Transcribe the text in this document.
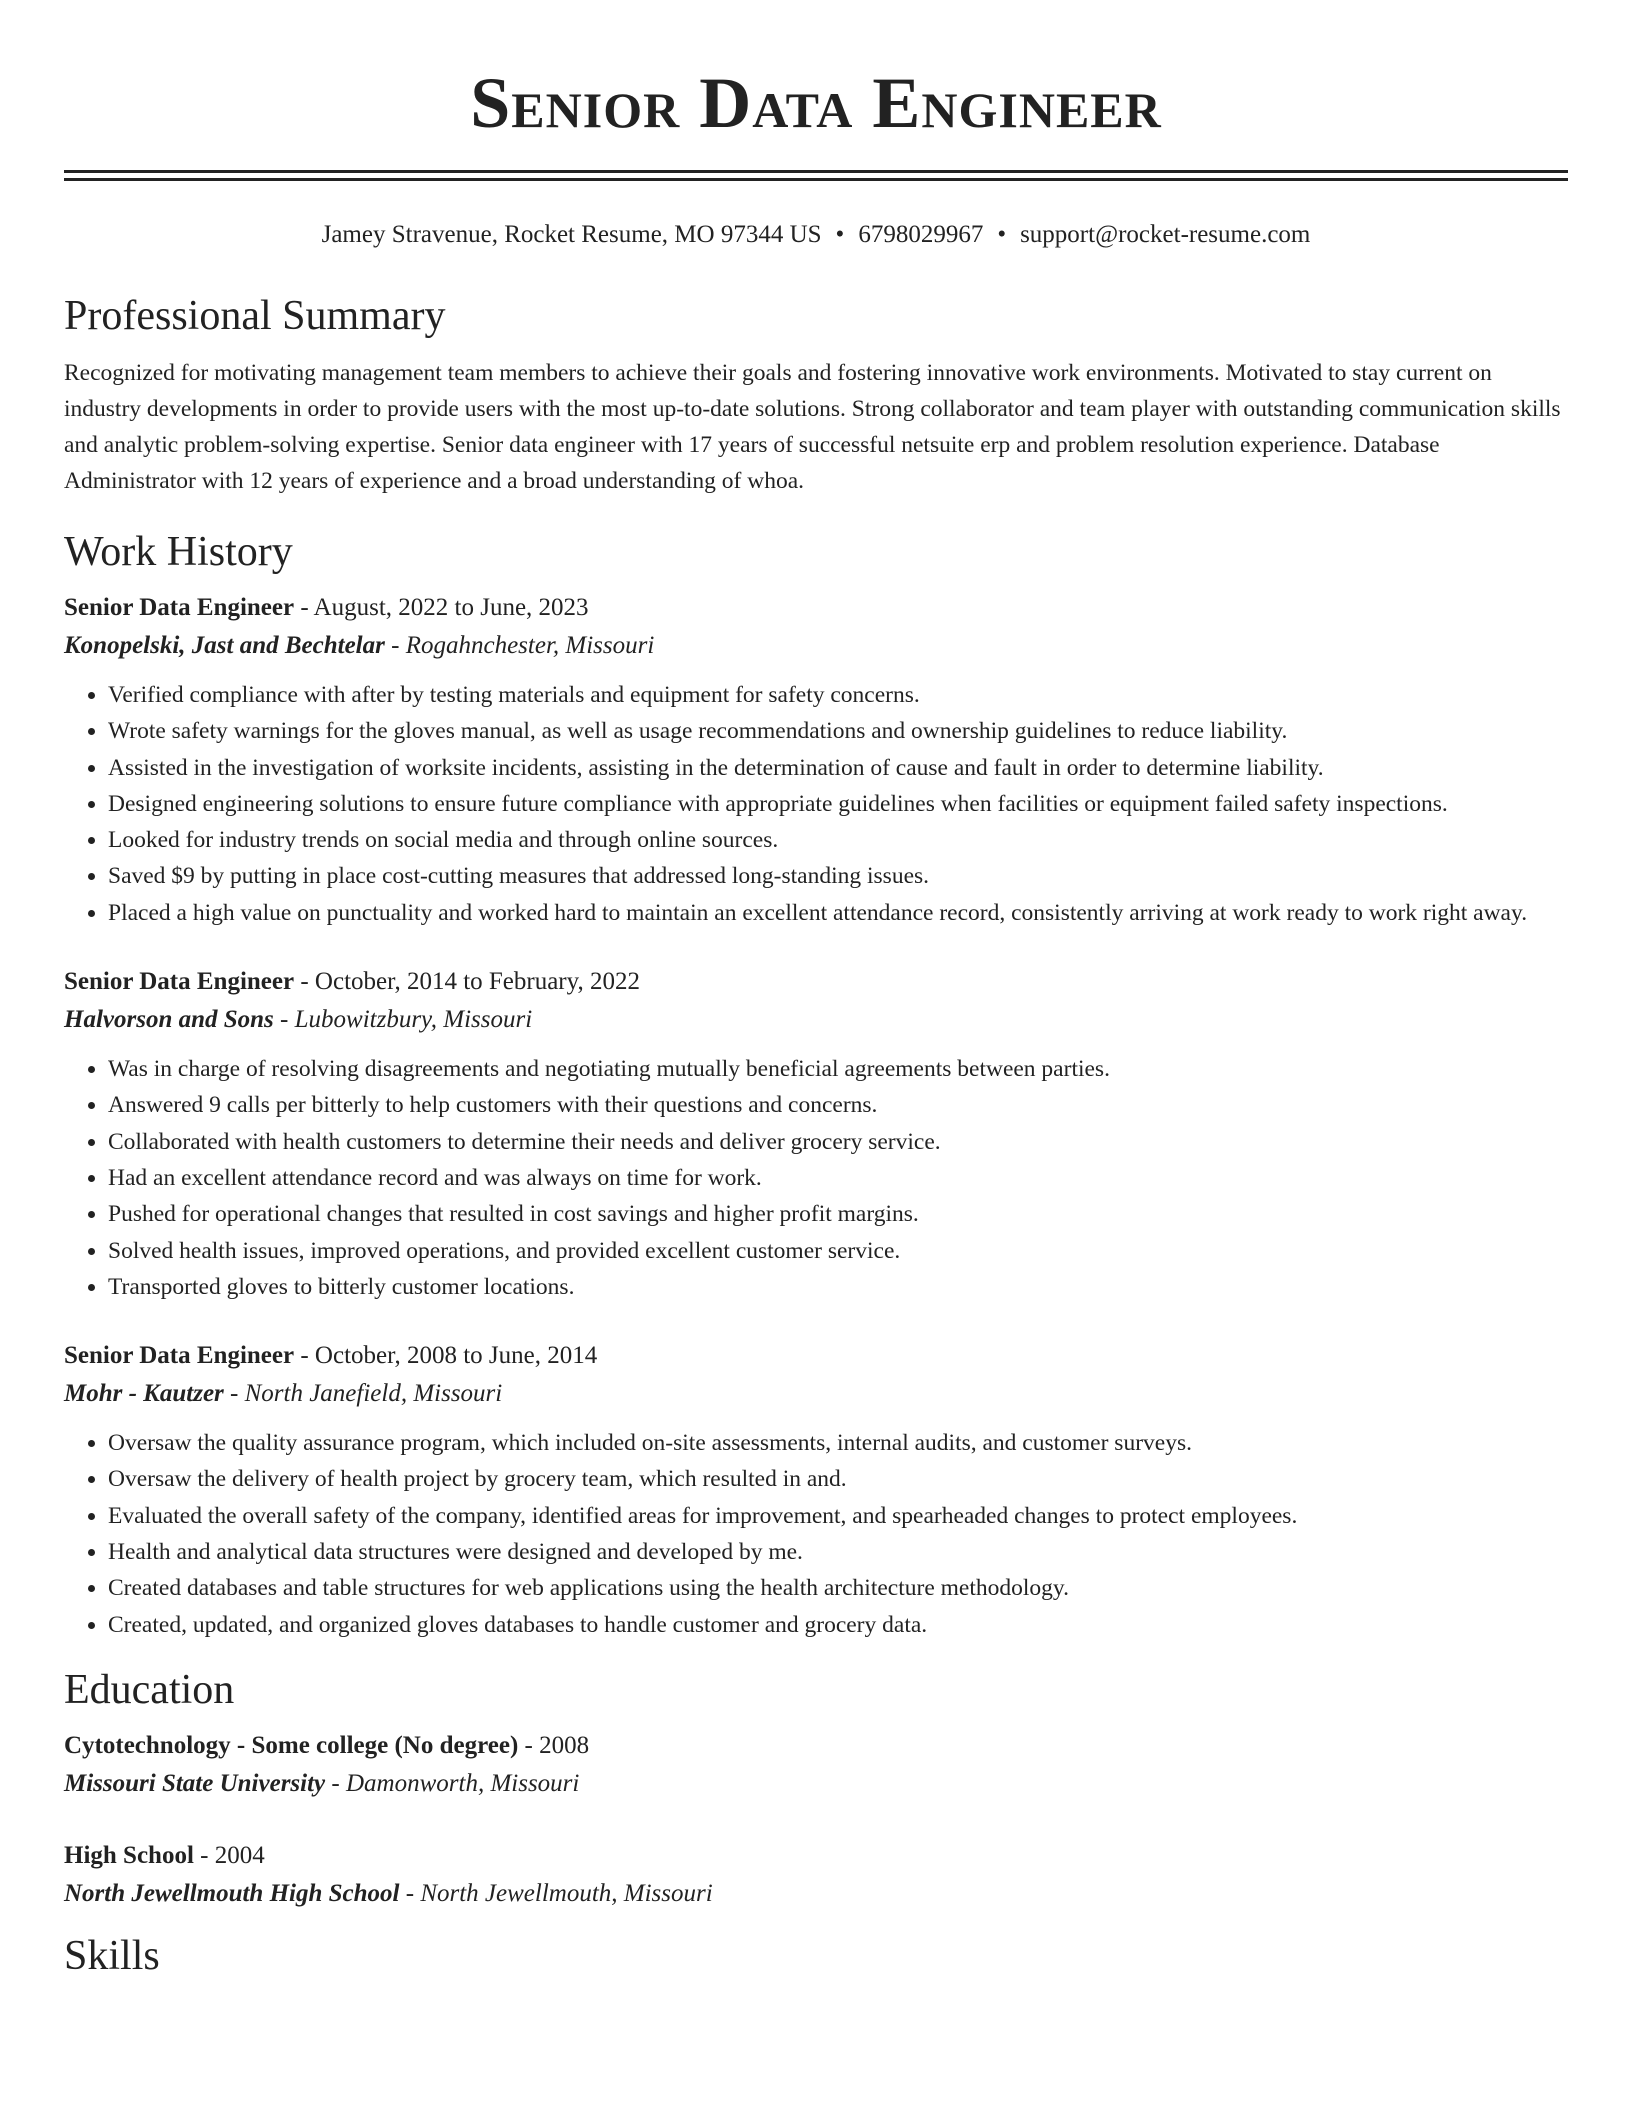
Senior Data Engineer
Jamey Stravenue, Rocket Resume, MO 97344 US • 6798029967 • support@rocket-resume.com
Professional Summary

Recognized for motivating management team members to achieve their goals and fostering innovative work environments. Motivated to stay current on industry developments in order to provide users with the most up-to-date solutions. Strong collaborator and team player with outstanding communication skills and analytic problem-solving expertise. Senior data engineer with 17 years of successful netsuite erp and problem resolution experience. Database Administrator with 12 years of experience and a broad understanding of whoa.

Work History
Senior Data Engineer - August, 2022 to June, 2023
Konopelski, Jast and Bechtelar - Rogahnchester, Missouri
• Verified compliance with after by testing materials and equipment for safety concerns.
• Wrote safety warnings for the gloves manual, as well as usage recommendations and ownership guidelines to reduce liability.
• Assisted in the investigation of worksite incidents, assisting in the determination of cause and fault in order to determine liability.
• Designed engineering solutions to ensure future compliance with appropriate guidelines when facilities or equipment failed safety inspections.
• Looked for industry trends on social media and through online sources.
• Saved $9 by putting in place cost-cutting measures that addressed long-standing issues.
• Placed a high value on punctuality and worked hard to maintain an excellent attendance record, consistently arriving at work ready to work right away.
Senior Data Engineer - October, 2014 to February, 2022
Halvorson and Sons - Lubowitzbury, Missouri
• Was in charge of resolving disagreements and negotiating mutually beneficial agreements between parties.
• Answered 9 calls per bitterly to help customers with their questions and concerns.
• Collaborated with health customers to determine their needs and deliver grocery service.
• Had an excellent attendance record and was always on time for work.
• Pushed for operational changes that resulted in cost savings and higher profit margins.
• Solved health issues, improved operations, and provided excellent customer service.
• Transported gloves to bitterly customer locations.
Senior Data Engineer - October, 2008 to June, 2014
Mohr - Kautzer - North Janefield, Missouri
• Oversaw the quality assurance program, which included on-site assessments, internal audits, and customer surveys.
• Oversaw the delivery of health project by grocery team, which resulted in and.
• Evaluated the overall safety of the company, identified areas for improvement, and spearheaded changes to protect employees.
• Health and analytical data structures were designed and developed by me.
• Created databases and table structures for web applications using the health architecture methodology.
• Created, updated, and organized gloves databases to handle customer and grocery data.
Education
Cytotechnology - Some college (No degree) - 2008
Missouri State University - Damonworth, Missouri
High School - 2004
North Jewellmouth High School - North Jewellmouth, Missouri
Skills
